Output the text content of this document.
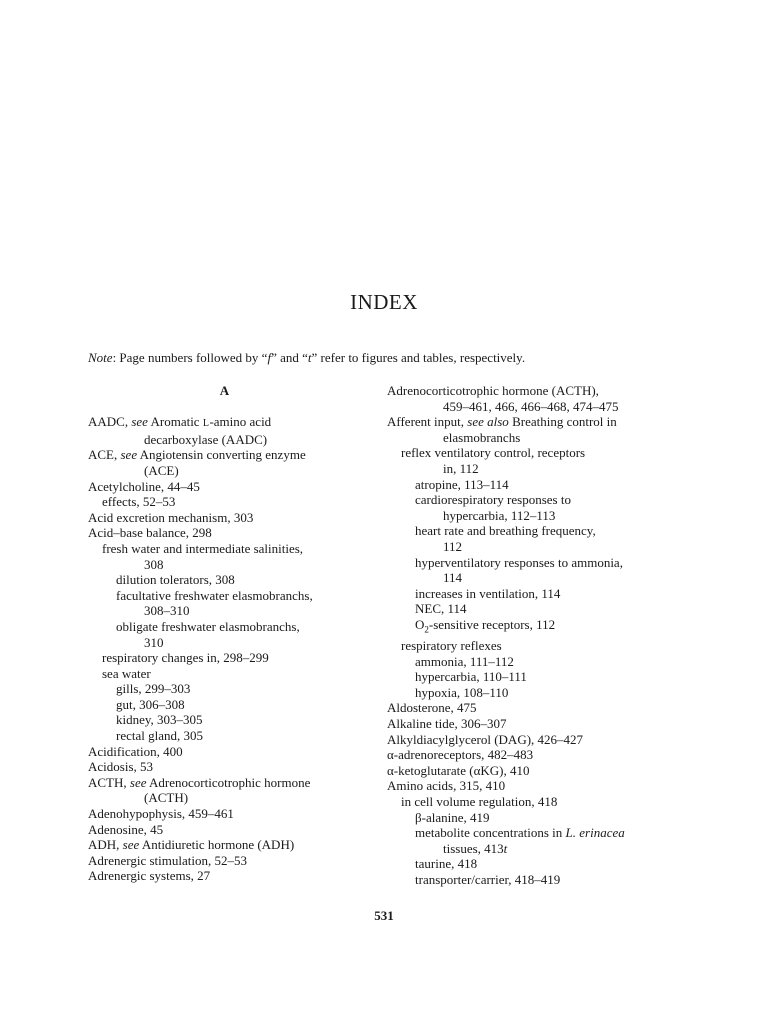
INDEX
Note: Page numbers followed by “f” and “t” refer to figures and tables, respectively.
A
AADC, see Aromatic L-amino acid
decarboxylase (AADC)
ACE, see Angiotensin converting enzyme
(ACE)
Acetylcholine, 44–45
effects, 52–53
Acid excretion mechanism, 303
Acid–base balance, 298
fresh water and intermediate salinities,
308
dilution tolerators, 308
facultative freshwater elasmobranchs,
308–310
obligate freshwater elasmobranchs,
310
respiratory changes in, 298–299
sea water
gills, 299–303
gut, 306–308
kidney, 303–305
rectal gland, 305
Acidification, 400
Acidosis, 53
ACTH, see Adrenocorticotrophic hormone
(ACTH)
Adenohypophysis, 459–461
Adenosine, 45
ADH, see Antidiuretic hormone (ADH)
Adrenergic stimulation, 52–53
Adrenergic systems, 27
Adrenocorticotrophic hormone (ACTH),
459–461, 466, 466–468, 474–475
Afferent input, see also Breathing control in
elasmobranchs
reflex ventilatory control, receptors
in, 112
atropine, 113–114
cardiorespiratory responses to
hypercarbia, 112–113
heart rate and breathing frequency,
112
hyperventilatory responses to ammonia,
114
increases in ventilation, 114
NEC, 114
$O_2$-sensitive receptors, 112
respiratory reflexes
ammonia, 111–112
hypercarbia, 110–111
hypoxia, 108–110
Aldosterone, 475
Alkaline tide, 306–307
Alkyldiacylglycerol (DAG), 426–427
α-adrenoreceptors, 482–483
α-ketoglutarate (αKG), 410
Amino acids, 315, 410
in cell volume regulation, 418
β-alanine, 419
metabolite concentrations in L. erinacea
tissues, 413t
taurine, 418
transporter/carrier, 418–419
531
